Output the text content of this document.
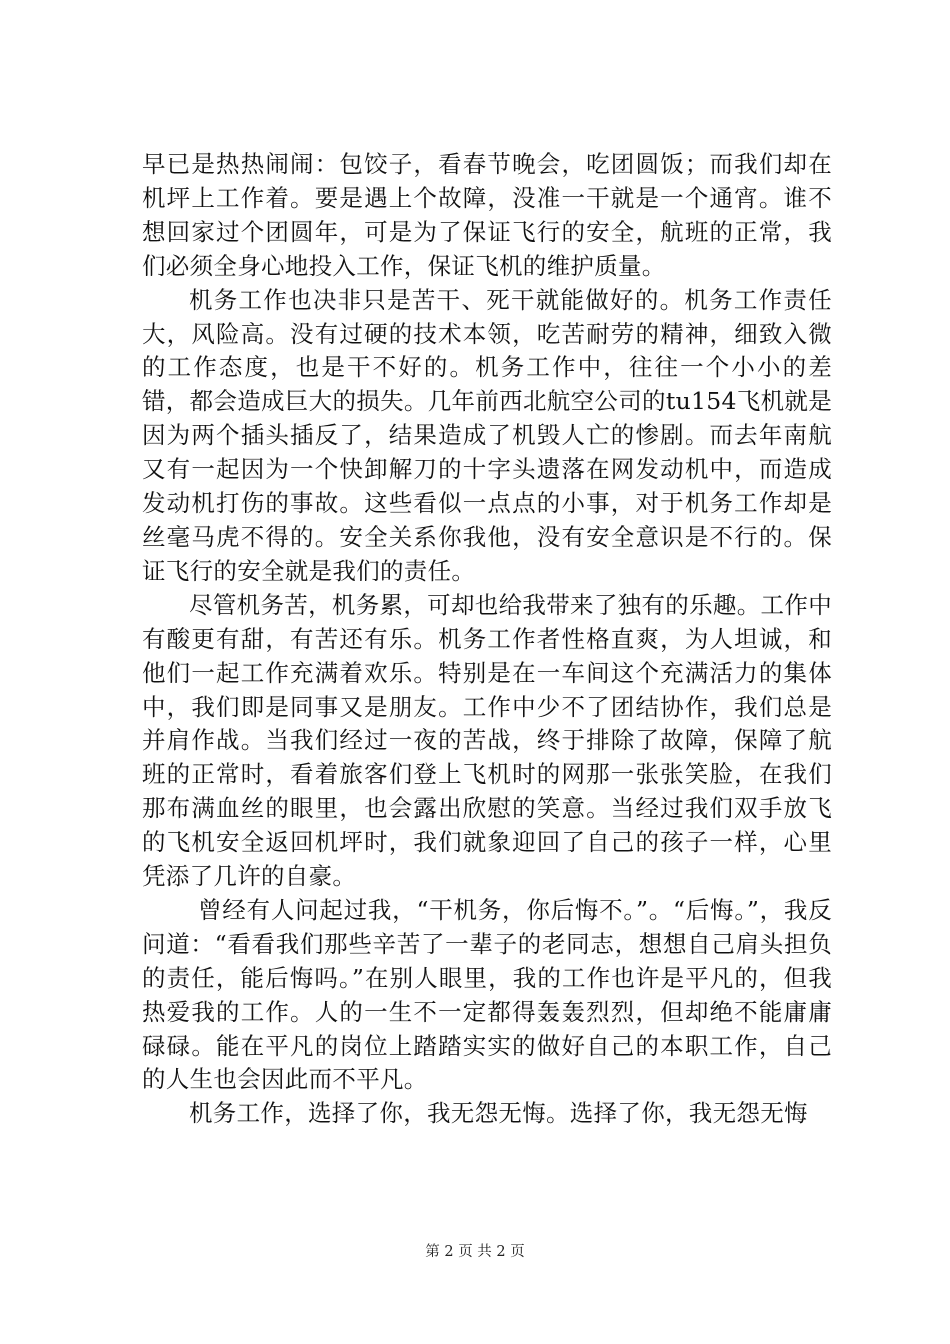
早已是热热闹闹：包饺子，看春节晚会，吃团圆饭；而我们却在机坪上工作着。要是遇上个故障，没准一干就是一个通宵。谁不想回家过个团圆年，可是为了保证飞行的安全，航班的正常，我们必须全身心地投入工作，保证飞机的维护质量。

机务工作也决非只是苦干、死干就能做好的。机务工作责任大，风险高。没有过硬的技术本领，吃苦耐劳的精神，细致入微的工作态度，也是干不好的。机务工作中，往往一个小小的差错，都会造成巨大的损失。几年前西北航空公司的tu154飞机就是因为两个插头插反了，结果造成了机毁人亡的惨剧。而去年南航又有一起因为一个快卸解刀的十字头遗落在网发动机中，而造成发动机打伤的事故。这些看似一点点的小事，对于机务工作却是丝毫马虎不得的。安全关系你我他，没有安全意识是不行的。保证飞行的安全就是我们的责任。

尽管机务苦，机务累，可却也给我带来了独有的乐趣。工作中有酸更有甜，有苦还有乐。机务工作者性格直爽，为人坦诚，和他们一起工作充满着欢乐。特别是在一车间这个充满活力的集体中，我们即是同事又是朋友。工作中少不了团结协作，我们总是并肩作战。当我们经过一夜的苦战，终于排除了故障，保障了航班的正常时，看着旅客们登上飞机时的网那一张张笑脸，在我们那布满血丝的眼里，也会露出欣慰的笑意。当经过我们双手放飞的飞机安全返回机坪时，我们就象迎回了自己的孩子一样，心里凭添了几许的自豪。

曾经有人问起过我，“干机务，你后悔不。”。“后悔。”，我反问道：“看看我们那些辛苦了一辈子的老同志，想想自己肩头担负的责任，能后悔吗。”在别人眼里，我的工作也许是平凡的，但我热爱我的工作。人的一生不一定都得轰轰烈烈，但却绝不能庸庸碌碌。能在平凡的岗位上踏踏实实的做好自己的本职工作，自己的人生也会因此而不平凡。

机务工作，选择了你，我无怨无悔。选择了你，我无怨无悔

第 2 页 共 2 页
